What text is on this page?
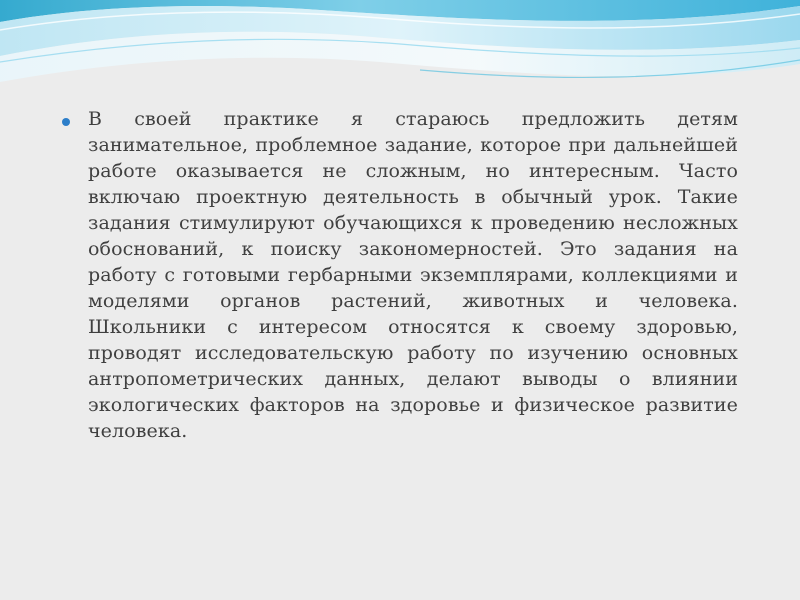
В своей практике я стараюсь предложить детям занимательное, проблемное задание, которое при дальнейшей работе оказывается не сложным, но интересным. Часто включаю проектную деятельность в обычный урок. Такие задания стимулируют обучающихся к проведению несложных обоснований, к поиску закономерностей. Это задания на работу с готовыми гербарными экземплярами, коллекциями и моделями органов растений, животных и человека. Школьники с интересом относятся к своему здоровью, проводят исследовательскую работу по изучению основных антропометрических данных, делают выводы о влиянии экологических факторов на здоровье и физическое развитие человека.
